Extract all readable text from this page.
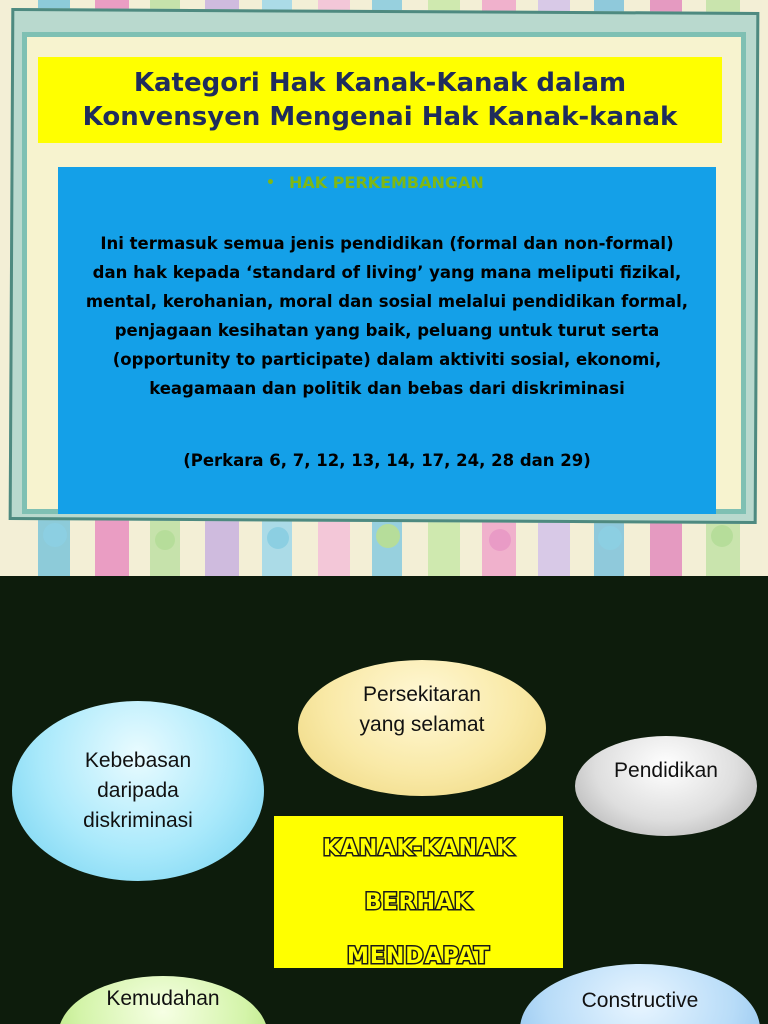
Kategori Hak Kanak-Kanak dalam
Konvensyen Mengenai Hak Kanak-kanak
• HAK PERKEMBANGAN
Ini termasuk semua jenis pendidikan (formal dan non-formal) dan hak kepada ‘standard of living’ yang mana meliputi fizikal, mental, kerohanian, moral dan sosial melalui pendidikan formal, penjagaan kesihatan yang baik, peluang untuk turut serta (opportunity to participate) dalam aktiviti sosial, ekonomi, keagamaan dan politik dan bebas dari diskriminasi
(Perkara 6, 7, 12, 13, 14, 17, 24, 28 dan 29)
Persekitaran
yang selamat
Kebebasan
daripada
diskriminasi
Pendidikan
KANAK-KANAK
BERHAK
MENDAPAT
Kemudahan	Constructive
